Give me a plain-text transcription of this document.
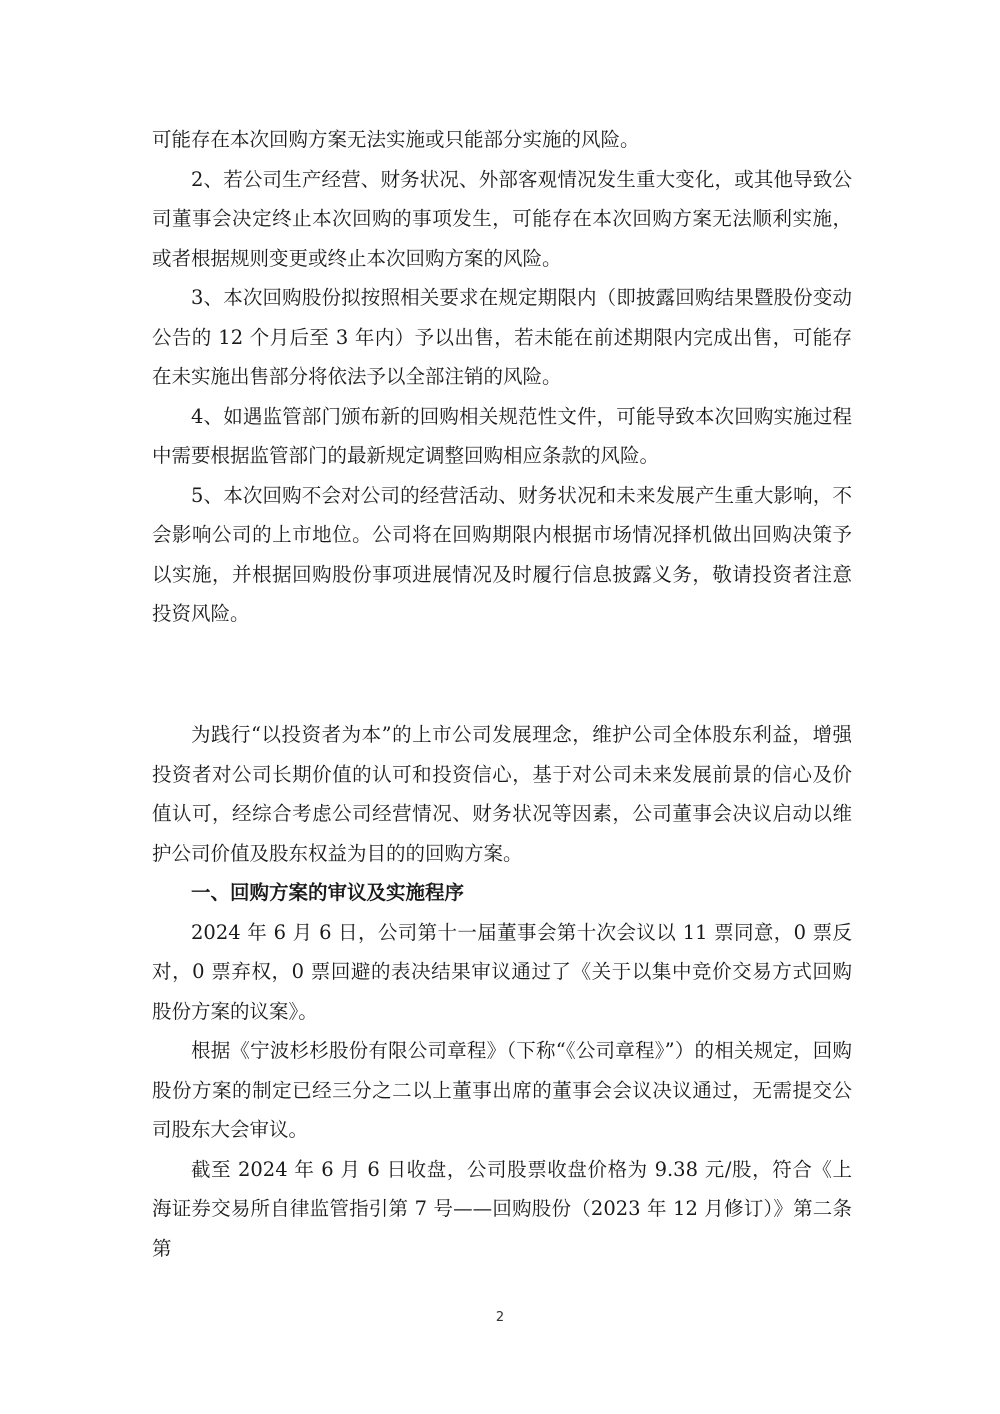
可能存在本次回购方案无法实施或只能部分实施的风险。

2、若公司生产经营、财务状况、外部客观情况发生重大变化，或其他导致公司董事会决定终止本次回购的事项发生，可能存在本次回购方案无法顺利实施，或者根据规则变更或终止本次回购方案的风险。

3、本次回购股份拟按照相关要求在规定期限内（即披露回购结果暨股份变动公告的 12 个月后至 3 年内）予以出售，若未能在前述期限内完成出售，可能存在未实施出售部分将依法予以全部注销的风险。

4、如遇监管部门颁布新的回购相关规范性文件，可能导致本次回购实施过程中需要根据监管部门的最新规定调整回购相应条款的风险。

5、本次回购不会对公司的经营活动、财务状况和未来发展产生重大影响，不会影响公司的上市地位。公司将在回购期限内根据市场情况择机做出回购决策予以实施，并根据回购股份事项进展情况及时履行信息披露义务，敬请投资者注意投资风险。

为践行“以投资者为本”的上市公司发展理念，维护公司全体股东利益，增强投资者对公司长期价值的认可和投资信心，基于对公司未来发展前景的信心及价值认可，经综合考虑公司经营情况、财务状况等因素，公司董事会决议启动以维护公司价值及股东权益为目的的回购方案。

一、回购方案的审议及实施程序

2024 年 6 月 6 日，公司第十一届董事会第十次会议以 11 票同意，0 票反对，0 票弃权，0 票回避的表决结果审议通过了《关于以集中竞价交易方式回购股份方案的议案》。

根据《宁波杉杉股份有限公司章程》（下称“《公司章程》”）的相关规定，回购股份方案的制定已经三分之二以上董事出席的董事会会议决议通过，无需提交公司股东大会审议。

截至 2024 年 6 月 6 日收盘，公司股票收盘价格为 9.38 元/股，符合《上海证券交易所自律监管指引第 7 号——回购股份（2023 年 12 月修订）》第二条第

2
